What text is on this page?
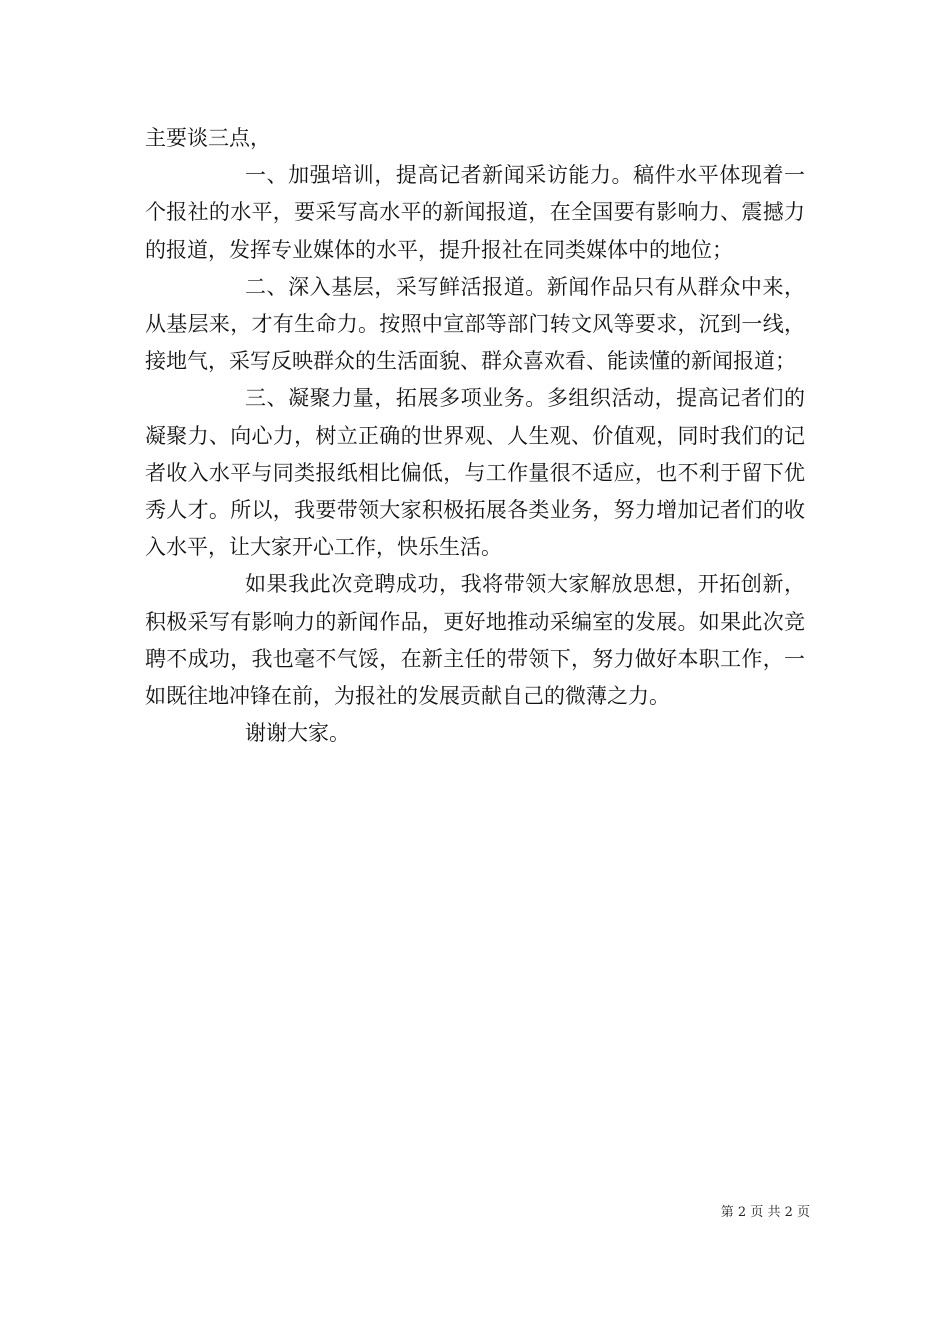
主要谈三点，

一、加强培训，提高记者新闻采访能力。稿件水平体现着一个报社的水平，要采写高水平的新闻报道，在全国要有影响力、震撼力的报道，发挥专业媒体的水平，提升报社在同类媒体中的地位；

二、深入基层，采写鲜活报道。新闻作品只有从群众中来，从基层来，才有生命力。按照中宣部等部门转文风等要求，沉到一线，接地气，采写反映群众的生活面貌、群众喜欢看、能读懂的新闻报道；

三、凝聚力量，拓展多项业务。多组织活动，提高记者们的凝聚力、向心力，树立正确的世界观、人生观、价值观，同时我们的记者收入水平与同类报纸相比偏低，与工作量很不适应，也不利于留下优秀人才。所以，我要带领大家积极拓展各类业务，努力增加记者们的收入水平，让大家开心工作，快乐生活。

如果我此次竞聘成功，我将带领大家解放思想，开拓创新，积极采写有影响力的新闻作品，更好地推动采编室的发展。如果此次竞聘不成功，我也毫不气馁，在新主任的带领下，努力做好本职工作，一如既往地冲锋在前，为报社的发展贡献自己的微薄之力。

谢谢大家。

第 2 页 共 2 页
